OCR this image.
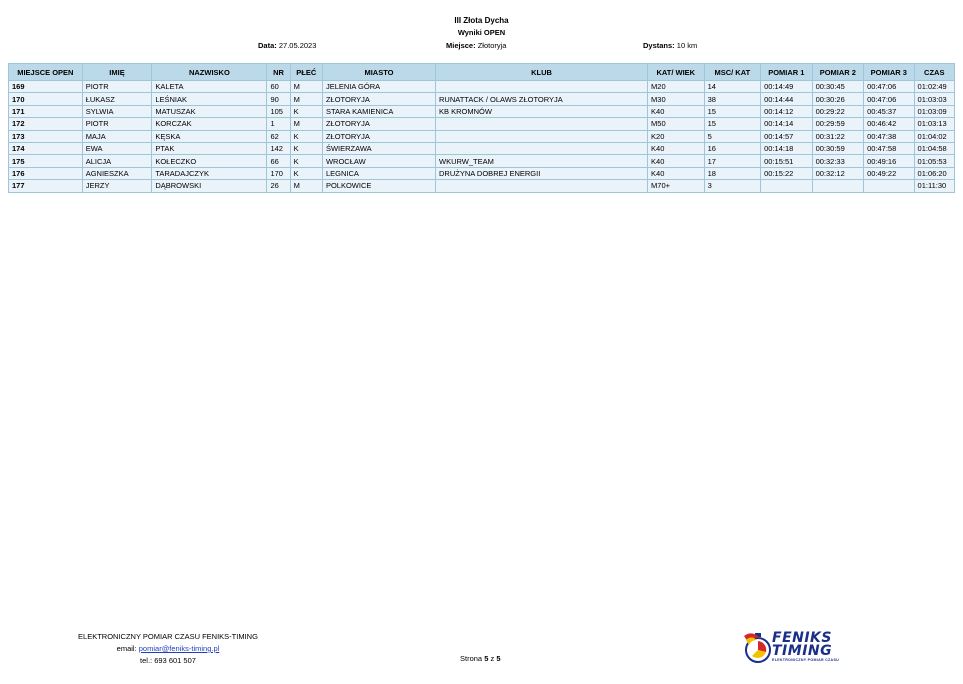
III Złota Dycha
Wyniki OPEN
Data: 27.05.2023	Miejsce: Złotoryja	Dystans: 10 km
MIEJSCE OPEN	IMIĘ	NAZWISKO	NR	PŁEĆ	MIASTO	KLUB	KAT/ WIEK	MSC/ KAT	POMIAR 1	POMIAR 2	POMIAR 3	CZAS
169	PIOTR	KALETA	60	M	JELENIA GÓRA		M20	14	00:14:49	00:30:45	00:47:06	01:02:49
170	ŁUKASZ	LEŚNIAK	90	M	ZŁOTORYJA	RUNATTACK / OLAWS ZŁOTORYJA	M30	38	00:14:44	00:30:26	00:47:06	01:03:03
171	SYLWIA	MATUSZAK	105	K	STARA KAMIENICA	KB KROMNÓW	K40	15	00:14:12	00:29:22	00:45:37	01:03:09
172	PIOTR	KORCZAK	1	M	ZŁOTORYJA		M50	15	00:14:14	00:29:59	00:46:42	01:03:13
173	MAJA	KĘSKA	62	K	ZŁOTORYJA		K20	5	00:14:57	00:31:22	00:47:38	01:04:02
174	EWA	PTAK	142	K	ŚWIERZAWA		K40	16	00:14:18	00:30:59	00:47:58	01:04:58
175	ALICJA	KOŁECZKO	66	K	WROCŁAW	WKURW_TEAM	K40	17	00:15:51	00:32:33	00:49:16	01:05:53
176	AGNIESZKA	TARADAJCZYK	170	K	LEGNICA	DRUŻYNA DOBREJ ENERGII	K40	18	00:15:22	00:32:12	00:49:22	01:06:20
177	JERZY	DĄBROWSKI	26	M	POLKOWICE		M70+	3				01:11:30
ELEKTRONICZNY POMIAR CZASU FENIKS-TIMING
email: pomiar@feniks-timing.pl
tel.: 693 601 507	Strona 5 z 5
FENIKS
TIMING
ELEKTRONICZNY POMIAR CZASU
